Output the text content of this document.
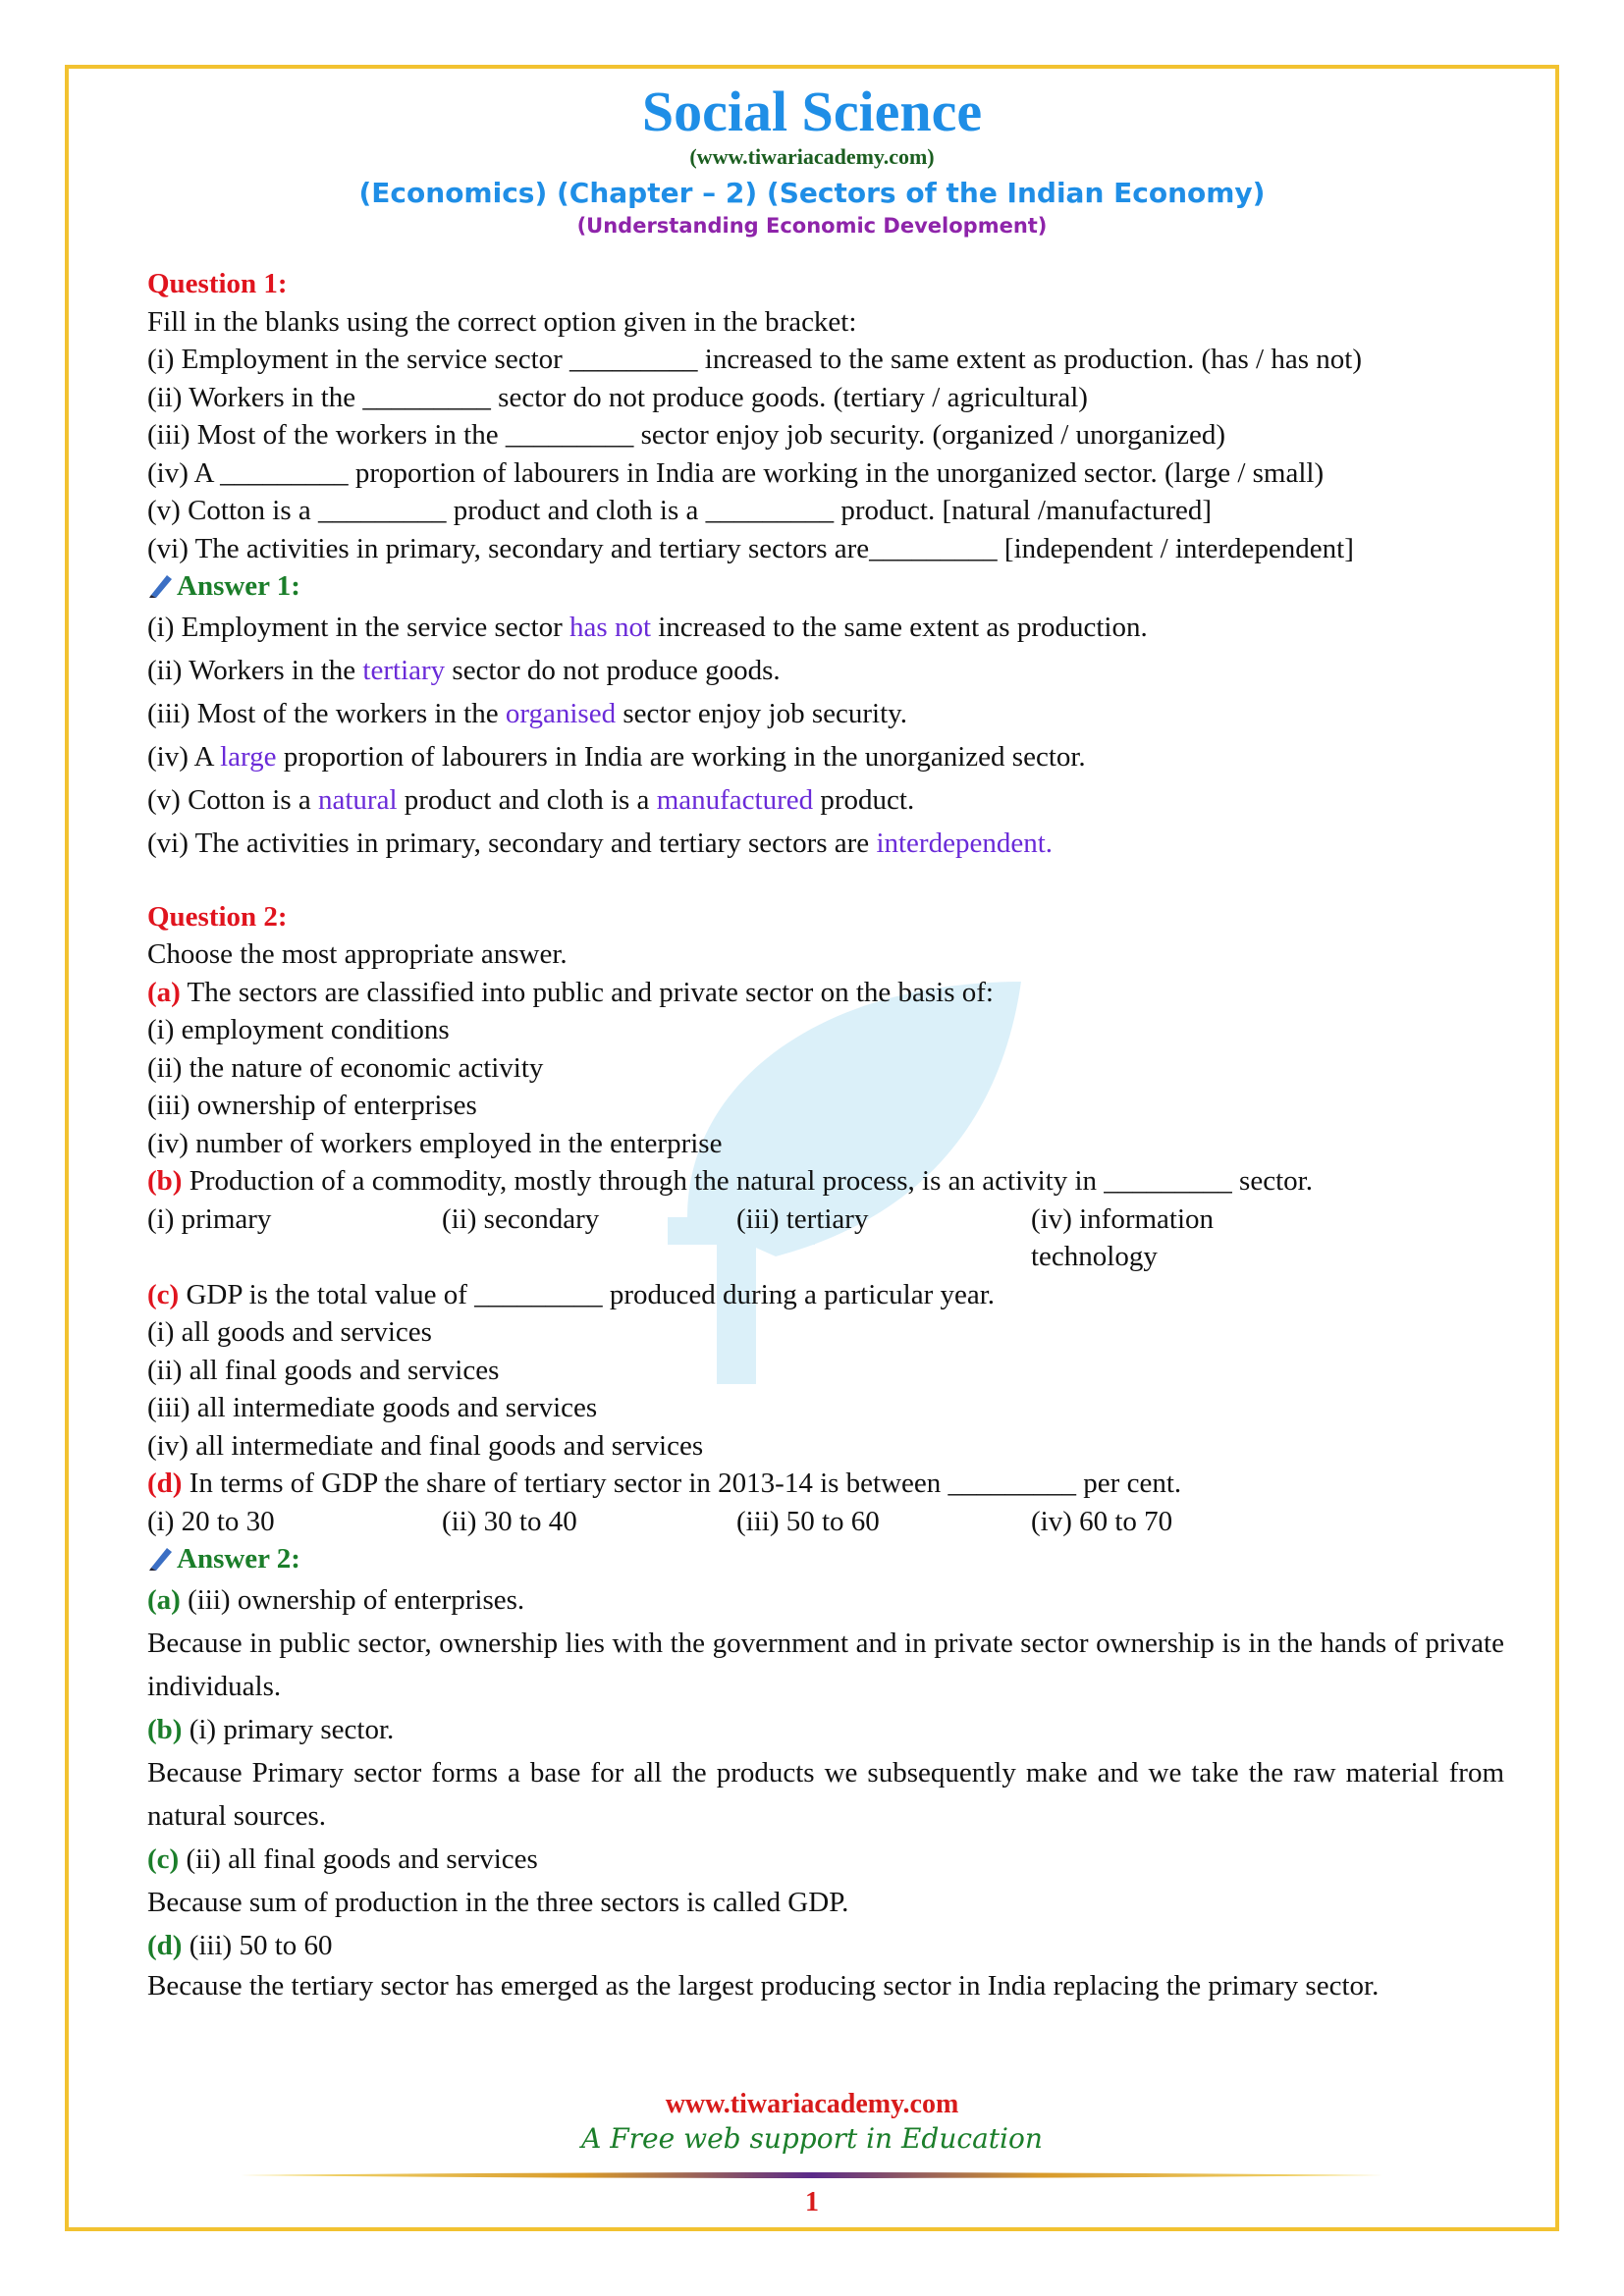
Social Science
(www.tiwariacademy.com)
(Economics) (Chapter – 2) (Sectors of the Indian Economy)
(Understanding Economic Development)

Question 1:

Fill in the blanks using the correct option given in the bracket:

(i) Employment in the service sector _________ increased to the same extent as production. (has / has not)

(ii) Workers in the _________ sector do not produce goods. (tertiary / agricultural)

(iii) Most of the workers in the _________ sector enjoy job security. (organized / unorganized)

(iv) A _________ proportion of labourers in India are working in the unorganized sector. (large / small)

(v) Cotton is a _________ product and cloth is a _________ product. [natural /manufactured]

(vi) The activities in primary, secondary and tertiary sectors are_________ [independent / interdependent]

Answer 1:

(i) Employment in the service sector has not increased to the same extent as production.

(ii) Workers in the tertiary sector do not produce goods.

(iii) Most of the workers in the organised sector enjoy job security.

(iv) A large proportion of labourers in India are working in the unorganized sector.

(v) Cotton is a natural product and cloth is a manufactured product.

(vi) The activities in primary, secondary and tertiary sectors are interdependent.

Question 2:

Choose the most appropriate answer.

(a) The sectors are classified into public and private sector on the basis of:

(i) employment conditions

(ii) the nature of economic activity

(iii) ownership of enterprises

(iv) number of workers employed in the enterprise

(b) Production of a commodity, mostly through the natural process, is an activity in _________ sector.

(i) primary	(ii) secondary	(iii) tertiary	(iv) information technology

(c) GDP is the total value of _________ produced during a particular year.

(i) all goods and services

(ii) all final goods and services

(iii) all intermediate goods and services

(iv) all intermediate and final goods and services

(d) In terms of GDP the share of tertiary sector in 2013-14 is between _________ per cent.

(i) 20 to 30	(ii) 30 to 40	(iii) 50 to 60	(iv) 60 to 70

Answer 2:

(a) (iii) ownership of enterprises.

Because in public sector, ownership lies with the government and in private sector ownership is in the hands of private individuals.

(b) (i) primary sector.

Because Primary sector forms a base for all the products we subsequently make and we take the raw material from natural sources.

(c) (ii) all final goods and services

Because sum of production in the three sectors is called GDP.

(d) (iii) 50 to 60

Because the tertiary sector has emerged as the largest producing sector in India replacing the primary sector.

www.tiwariacademy.com
A Free web support in Education
1
